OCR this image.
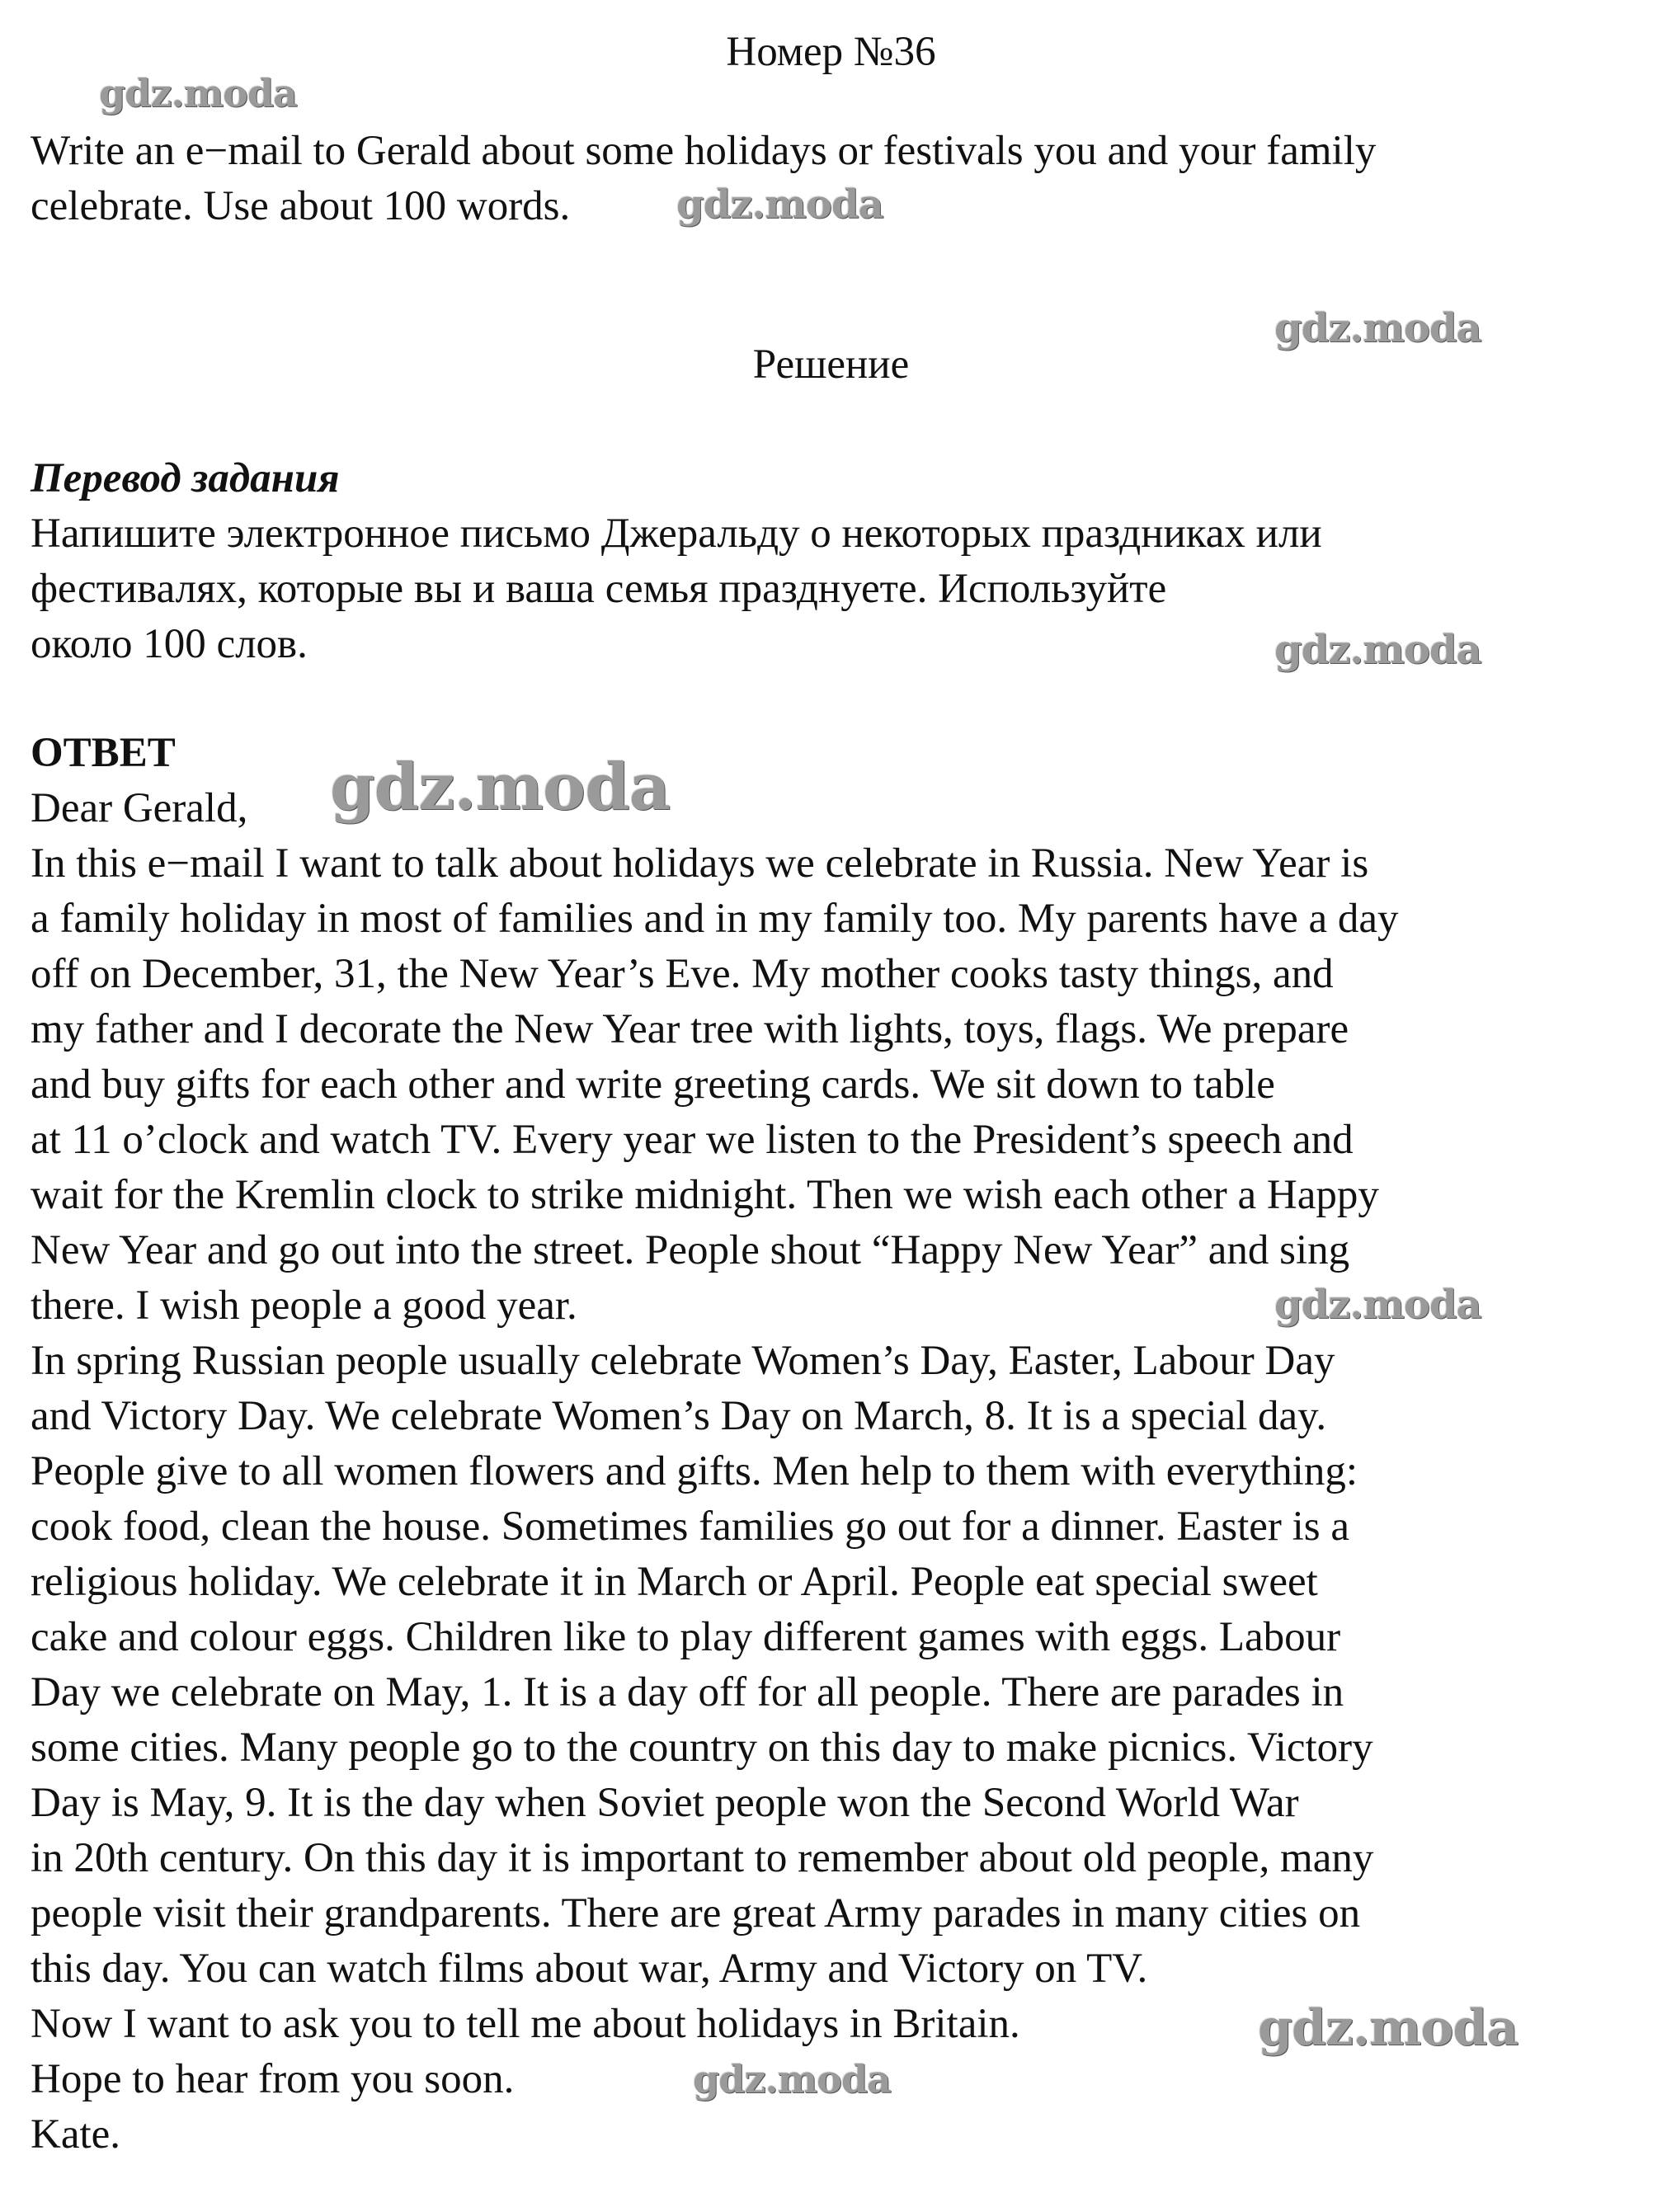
Номер №36
Write an e−mail to Gerald about some holidays or festivals you and your family
celebrate. Use about 100 words.
Решение
Перевод задания
Напишите электронное письмо Джеральду о некоторых праздниках или
фестивалях, которые вы и ваша семья празднуете. Используйте
около 100 слов.
ОТВЕТ
Dear Gerald,
In this e−mail I want to talk about holidays we celebrate in Russia. New Year is
a family holiday in most of families and in my family too. My parents have a day
off on December, 31, the New Year’s Eve. My mother cooks tasty things, and
my father and I decorate the New Year tree with lights, toys, flags. We prepare
and buy gifts for each other and write greeting cards. We sit down to table
at 11 o’clock and watch TV. Every year we listen to the President’s speech and
wait for the Kremlin clock to strike midnight. Then we wish each other a Happy
New Year and go out into the street. People shout “Happy New Year” and sing
there. I wish people a good year.
In spring Russian people usually celebrate Women’s Day, Easter, Labour Day
and Victory Day. We celebrate Women’s Day on March, 8. It is a special day.
People give to all women flowers and gifts. Men help to them with everything:
cook food, clean the house. Sometimes families go out for a dinner. Easter is a
religious holiday. We celebrate it in March or April. People eat special sweet
cake and colour eggs. Children like to play different games with eggs. Labour
Day we celebrate on May, 1. It is a day off for all people. There are parades in
some cities. Many people go to the country on this day to make picnics. Victory
Day is May, 9. It is the day when Soviet people won the Second World War
in 20th century. On this day it is important to remember about old people, many
people visit their grandparents. There are great Army parades in many cities on
this day. You can watch films about war, Army and Victory on TV.
Now I want to ask you to tell me about holidays in Britain.
Hope to hear from you soon.
Kate.
gdz.moda
gdz.moda
gdz.moda
gdz.moda
gdz.moda
gdz.moda
gdz.moda
gdz.moda
